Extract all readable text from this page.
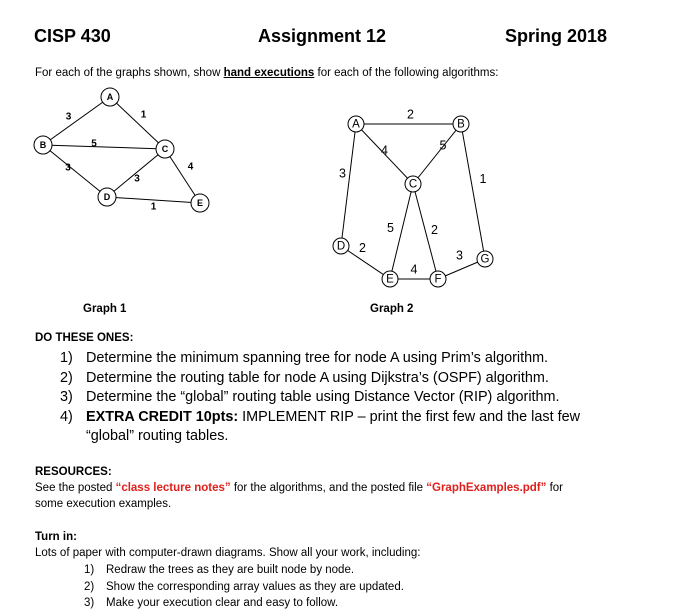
CISP 430	Assignment 12	Spring 2018
For each of the graphs shown, show hand executions for each of the following algorithms:
3	1
5
3
3
4
1
A
B	C
D
E
2
4	5
3	1
5	2
2
4
3
A	B
C
D
E	F
G
Graph 1	Graph 2
DO THESE ONES:
1) Determine the minimum spanning tree for node A using Prim’s algorithm.
2) Determine the routing table for node A using Dijkstra’s (OSPF) algorithm.
3) Determine the “global” routing table using Distance Vector (RIP) algorithm.
4) EXTRA CREDIT 10pts: IMPLEMENT RIP – print the first few and the last few “global” routing tables.
RESOURCES:
See the posted “class lecture notes” for the algorithms, and the posted file “GraphExamples.pdf” for
some execution examples.
Turn in:
Lots of paper with computer-drawn diagrams. Show all your work, including:
1) Redraw the trees as they are built node by node.
2) Show the corresponding array values as they are updated.
3) Make your execution clear and easy to follow.
